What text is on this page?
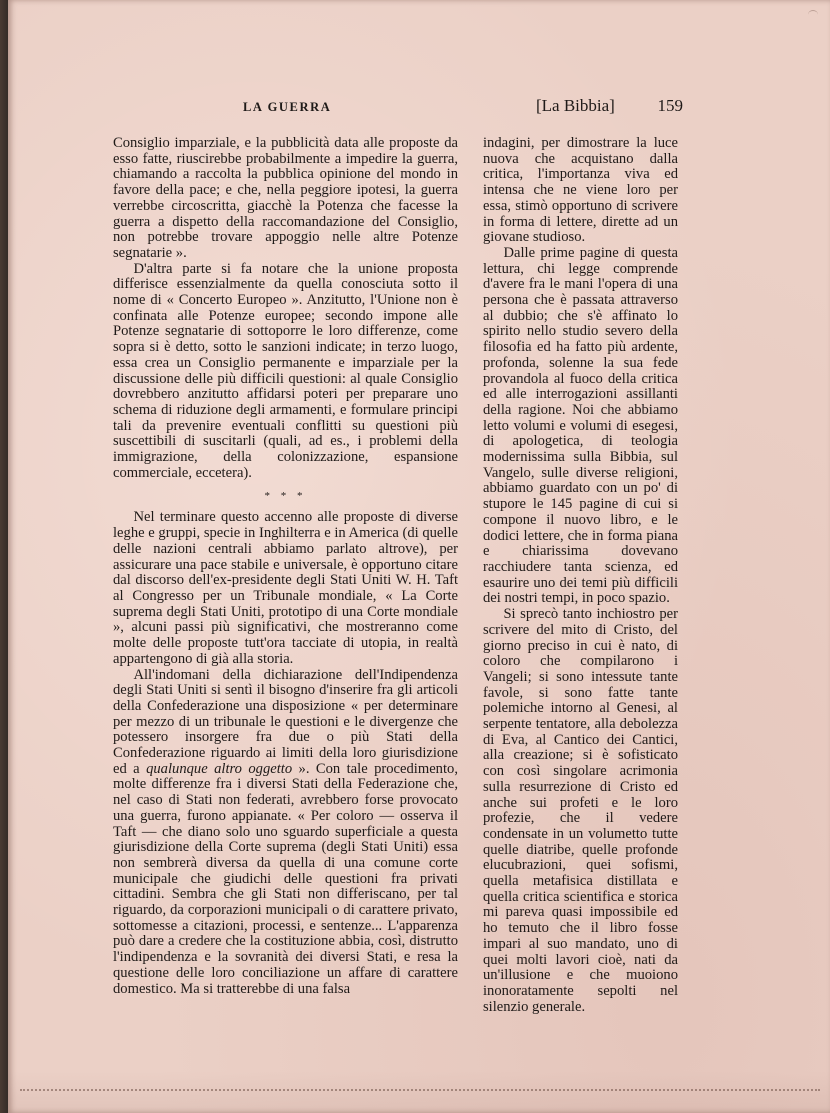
LA GUERRA	[La Bibbia]	159

Consiglio imparziale, e la pubblicità data alle proposte da esso fatte, riuscirebbe probabilmente a impedire la guerra, chiamando a raccolta la pubblica opinione del mondo in favore della pace; e che, nella peggiore ipotesi, la guerra verrebbe circoscritta, giacchè la Potenza che facesse la guerra a dispetto della raccomandazione del Consiglio, non potrebbe trovare appoggio nelle altre Potenze segnatarie ».

D'altra parte si fa notare che la unione proposta differisce essenzialmente da quella conosciuta sotto il nome di « Concerto Europeo ». Anzitutto, l'Unione non è confinata alle Potenze europee; secondo impone alle Potenze segnatarie di sottoporre le loro differenze, come sopra si è detto, sotto le sanzioni indicate; in terzo luogo, essa crea un Consiglio permanente e imparziale per la discussione delle più difficili questioni: al quale Consiglio dovrebbero anzitutto affidarsi poteri per preparare uno schema di riduzione degli armamenti, e formulare principi tali da prevenire eventuali conflitti su questioni più suscettibili di suscitarli (quali, ad es., i problemi della immigrazione, della colonizzazione, espansione commerciale, eccetera).

* * *

Nel terminare questo accenno alle proposte di diverse leghe e gruppi, specie in Inghilterra e in America (di quelle delle nazioni centrali abbiamo parlato altrove), per assicurare una pace stabile e universale, è opportuno citare dal discorso dell'ex-presidente degli Stati Uniti W. H. Taft al Congresso per un Tribunale mondiale, « La Corte suprema degli Stati Uniti, prototipo di una Corte mondiale », alcuni passi più significativi, che mostreranno come molte delle proposte tutt'ora tacciate di utopia, in realtà appartengono di già alla storia.

All'indomani della dichiarazione dell'Indipendenza degli Stati Uniti si sentì il bisogno d'inserire fra gli articoli della Confederazione una disposizione « per determinare per mezzo di un tribunale le questioni e le divergenze che potessero insorgere fra due o più Stati della Confederazione riguardo ai limiti della loro giurisdizione ed a qualunque altro oggetto ». Con tale procedimento, molte differenze fra i diversi Stati della Federazione che, nel caso di Stati non federati, avrebbero forse provocato una guerra, furono appianate. « Per coloro — osserva il Taft — che diano solo uno sguardo superficiale a questa giurisdizione della Corte suprema (degli Stati Uniti) essa non sembrerà diversa da quella di una comune corte municipale che giudichi delle questioni fra privati cittadini. Sembra che gli Stati non differiscano, per tal riguardo, da corporazioni municipali o di carattere privato, sottomesse a citazioni, processi, e sentenze... L'apparenza può dare a credere che la costituzione abbia, così, distrutto l'indipendenza e la sovranità dei diversi Stati, e resa la questione delle loro conciliazione un affare di carattere domestico. Ma si tratterebbe di una falsa

indagini, per dimostrare la luce nuova che acquistano dalla critica, l'importanza viva ed intensa che ne viene loro per essa, stimò opportuno di scrivere in forma di lettere, dirette ad un giovane studioso.

Dalle prime pagine di questa lettura, chi legge comprende d'avere fra le mani l'opera di una persona che è passata attraverso al dubbio; che s'è affinato lo spirito nello studio severo della filosofia ed ha fatto più ardente, profonda, solenne la sua fede provandola al fuoco della critica ed alle interrogazioni assillanti della ragione. Noi che abbiamo letto volumi e volumi di esegesi, di apologetica, di teologia modernissima sulla Bibbia, sul Vangelo, sulle diverse religioni, abbiamo guardato con un po' di stupore le 145 pagine di cui si compone il nuovo libro, e le dodici lettere, che in forma piana e chiarissima dovevano racchiudere tanta scienza, ed esaurire uno dei temi più difficili dei nostri tempi, in poco spazio.

Si sprecò tanto inchiostro per scrivere del mito di Cristo, del giorno preciso in cui è nato, di coloro che compilarono i Vangeli; si sono intessute tante favole, si sono fatte tante polemiche intorno al Genesi, al serpente tentatore, alla debolezza di Eva, al Cantico dei Cantici, alla creazione; si è sofisticato con così singolare acrimonia sulla resurrezione di Cristo ed anche sui profeti e le loro profezie, che il vedere condensate in un volumetto tutte quelle diatribe, quelle profonde elucubrazioni, quei sofismi, quella metafisica distillata e quella critica scientifica e storica mi pareva quasi impossibile ed ho temuto che il libro fosse impari al suo mandato, uno di quei molti lavori cioè, nati da un'illusione e che muoiono inonoratamente sepolti nel silenzio generale.
